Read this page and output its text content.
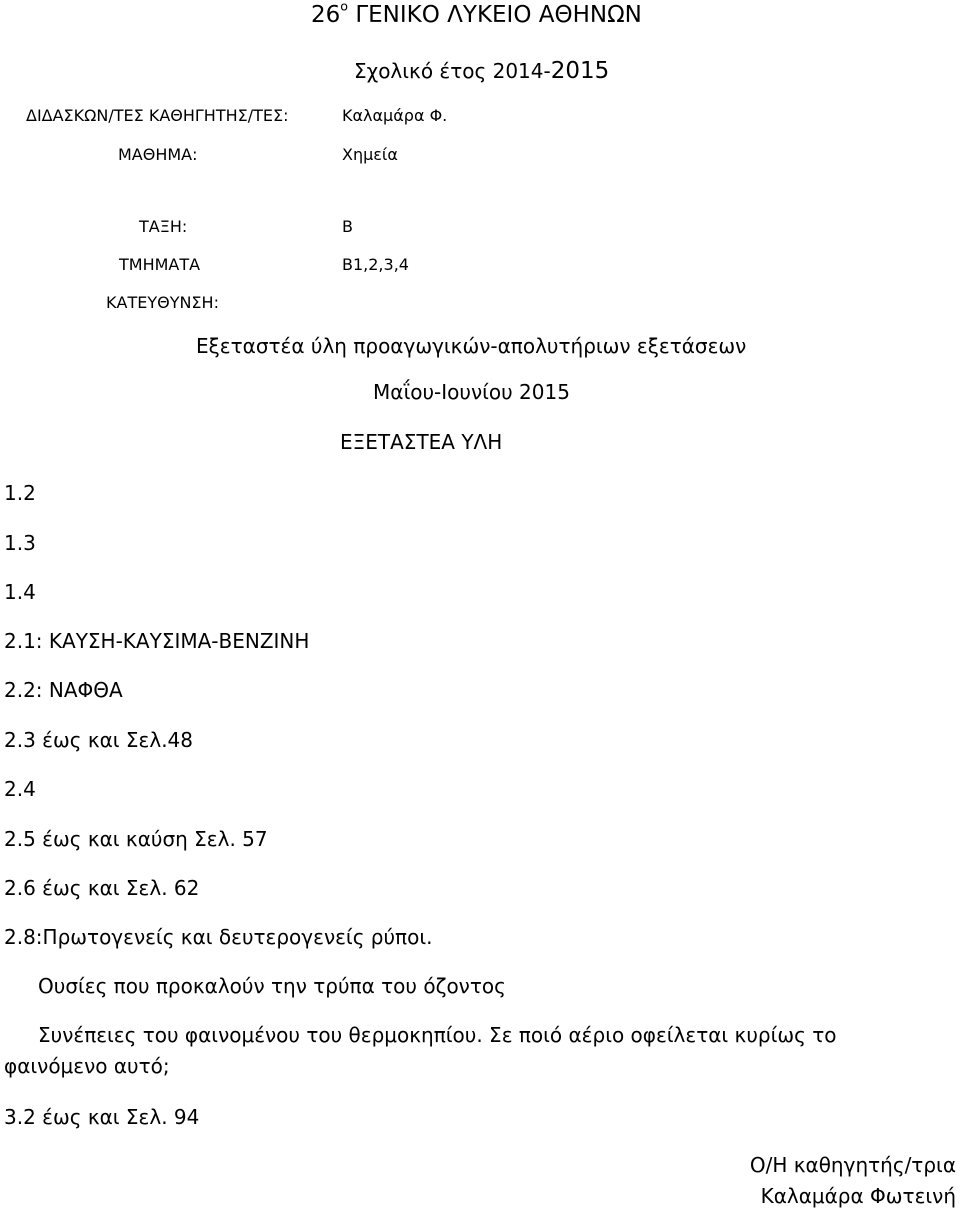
$26^o$ ΓΕΝΙΚΟ ΛΥΚΕΙΟ ΑΘΗΝΩΝ
Σχολικό έτος 2014-2015
ΔΙΔΑΣΚΩΝ/ΤΕΣ ΚΑΘΗΓΗΤΗΣ/ΤΕΣ:	Καλαμάρα Φ.
ΜΑΘΗΜΑ:	Χημεία
ΤΑΞΗ:	Β
ΤΜΗΜΑΤΑ	Β1,2,3,4
ΚΑΤΕΥΘΥΝΣΗ:
Εξεταστέα ύλη προαγωγικών-απολυτήριων εξετάσεων
Μαΐου-Ιουνίου 2015
ΕΞΕΤΑΣΤΕΑ ΥΛΗ
1.2
1.3
1.4
2.1: ΚΑΥΣΗ-ΚΑΥΣΙΜΑ-ΒΕΝΖΙΝΗ
2.2: ΝΑΦΘΑ
2.3 έως και Σελ.48
2.4
2.5 έως και καύση Σελ. 57
2.6 έως και Σελ. 62
2.8:Πρωτογενείς και δευτερογενείς ρύποι.
Ουσίες που προκαλούν την τρύπα του όζοντος
Συνέπειες του φαινομένου του θερμοκηπίου. Σε ποιό αέριο οφείλεται κυρίως το
φαινόμενο αυτό;
3.2 έως και Σελ. 94
Ο/Η καθηγητής/τρια
Καλαμάρα Φωτεινή
